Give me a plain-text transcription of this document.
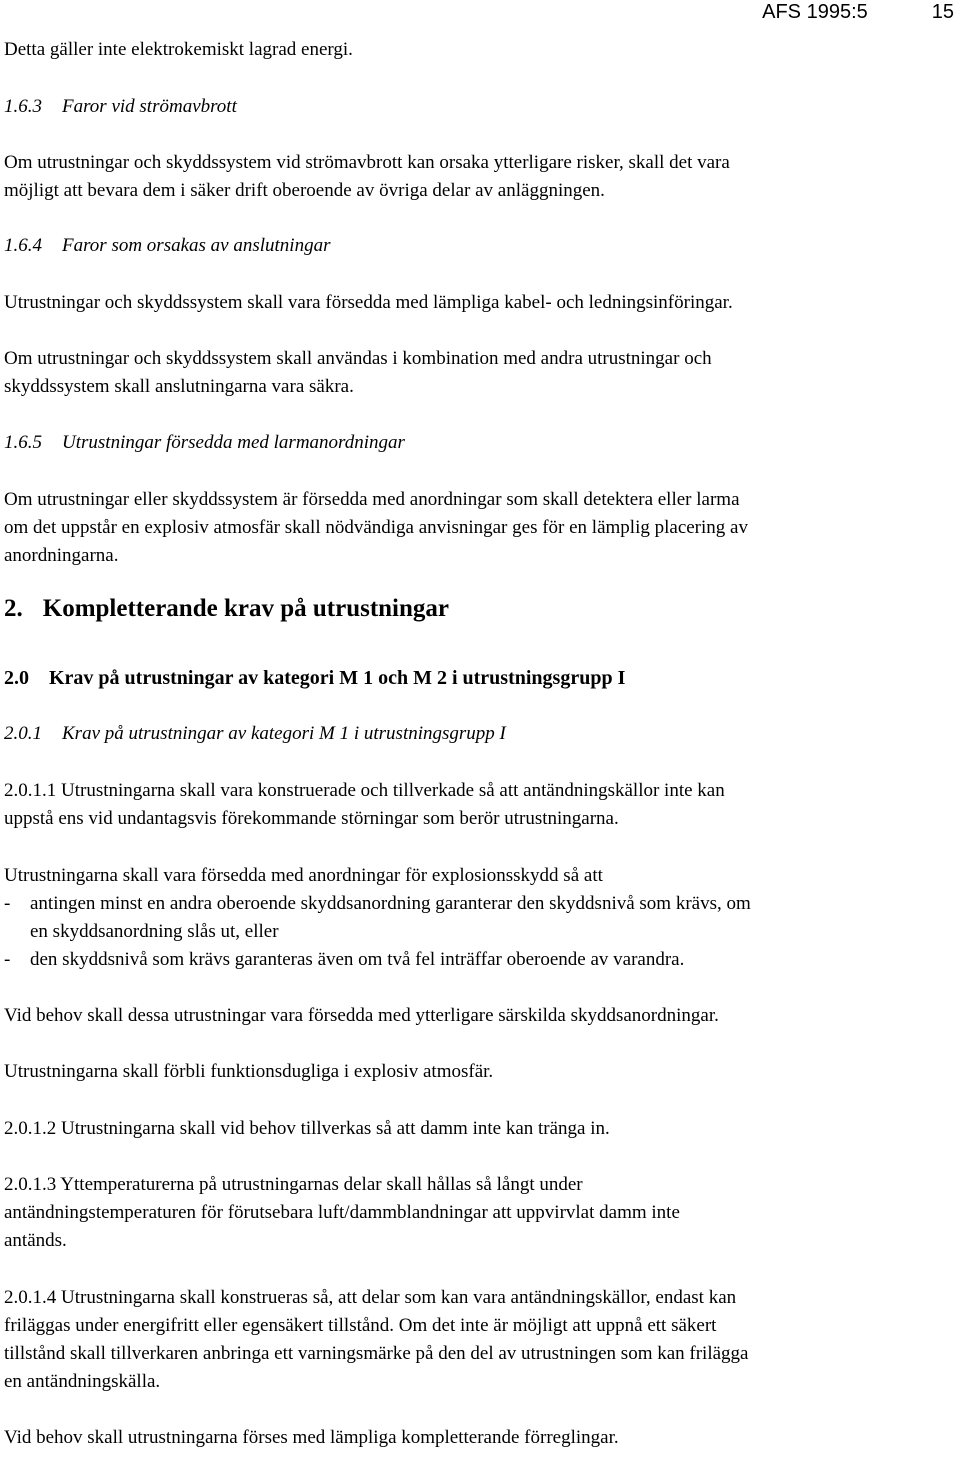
AFS 1995:5	15
Detta gäller inte elektrokemiskt lagrad energi.
1.6.3 Faror vid strömavbrott
Om utrustningar och skyddssystem vid strömavbrott kan orsaka ytterligare risker, skall det vara
möjligt att bevara dem i säker drift oberoende av övriga delar av anläggningen.
1.6.4 Faror som orsakas av anslutningar
Utrustningar och skyddssystem skall vara försedda med lämpliga kabel- och ledningsinföringar.
Om utrustningar och skyddssystem skall användas i kombination med andra utrustningar och
skyddssystem skall anslutningarna vara säkra.
1.6.5 Utrustningar försedda med larmanordningar
Om utrustningar eller skyddssystem är försedda med anordningar som skall detektera eller larma
om det uppstår en explosiv atmosfär skall nödvändiga anvisningar ges för en lämplig placering av
anordningarna.
2. Kompletterande krav på utrustningar
2.0 Krav på utrustningar av kategori M 1 och M 2 i utrustningsgrupp I
2.0.1 Krav på utrustningar av kategori M 1 i utrustningsgrupp I
2.0.1.1 Utrustningarna skall vara konstruerade och tillverkade så att antändningskällor inte kan
uppstå ens vid undantagsvis förekommande störningar som berör utrustningarna.
Utrustningarna skall vara försedda med anordningar för explosionsskydd så att
- antingen minst en andra oberoende skyddsanordning garanterar den skyddsnivå som krävs, om
en skyddsanordning slås ut, eller
- den skyddsnivå som krävs garanteras även om två fel inträffar oberoende av varandra.
Vid behov skall dessa utrustningar vara försedda med ytterligare särskilda skyddsanordningar.
Utrustningarna skall förbli funktionsdugliga i explosiv atmosfär.
2.0.1.2 Utrustningarna skall vid behov tillverkas så att damm inte kan tränga in.
2.0.1.3 Yttemperaturerna på utrustningarnas delar skall hållas så långt under
antändningstemperaturen för förutsebara luft/dammblandningar att uppvirvlat damm inte
antänds.
2.0.1.4 Utrustningarna skall konstrueras så, att delar som kan vara antändningskällor, endast kan
friläggas under energifritt eller egensäkert tillstånd. Om det inte är möjligt att uppnå ett säkert
tillstånd skall tillverkaren anbringa ett varningsmärke på den del av utrustningen som kan frilägga
en antändningskälla.
Vid behov skall utrustningarna förses med lämpliga kompletterande förreglingar.
